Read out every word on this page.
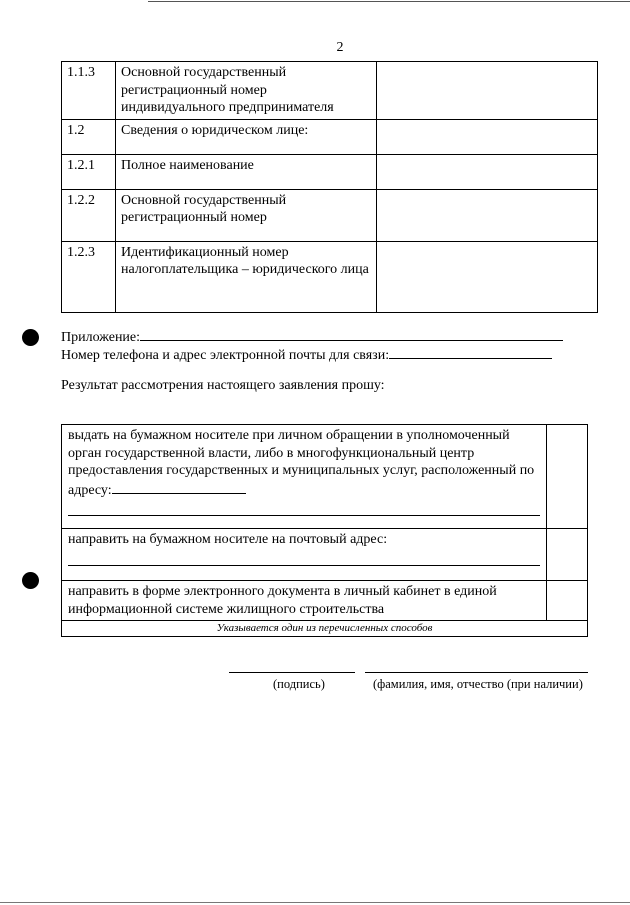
2
1.1.3	Основной государственный регистрационный номер индивидуального предпринимателя	
1.2	Сведения о юридическом лице:	
1.2.1	Полное наименование	
1.2.2	Основной государственный регистрационный номер	
1.2.3	Идентификационный номер налогоплательщика – юридического лица	
Приложение:
Номер телефона и адрес электронной почты для связи:
Результат рассмотрения настоящего заявления прошу:
выдать на бумажном носителе при личном обращении в уполномоченный орган государственной власти, либо в многофункциональный центр предоставления государственных и муниципальных услуг, расположенный по адресу:

направить на бумажном носителе на почтовый адрес:	

направить в форме электронного документа в личный кабинет в единой информационной системе жилищного строительства	
Указывается один из перечисленных способов	
(подпись)	(фамилия, имя, отчество (при наличии)
